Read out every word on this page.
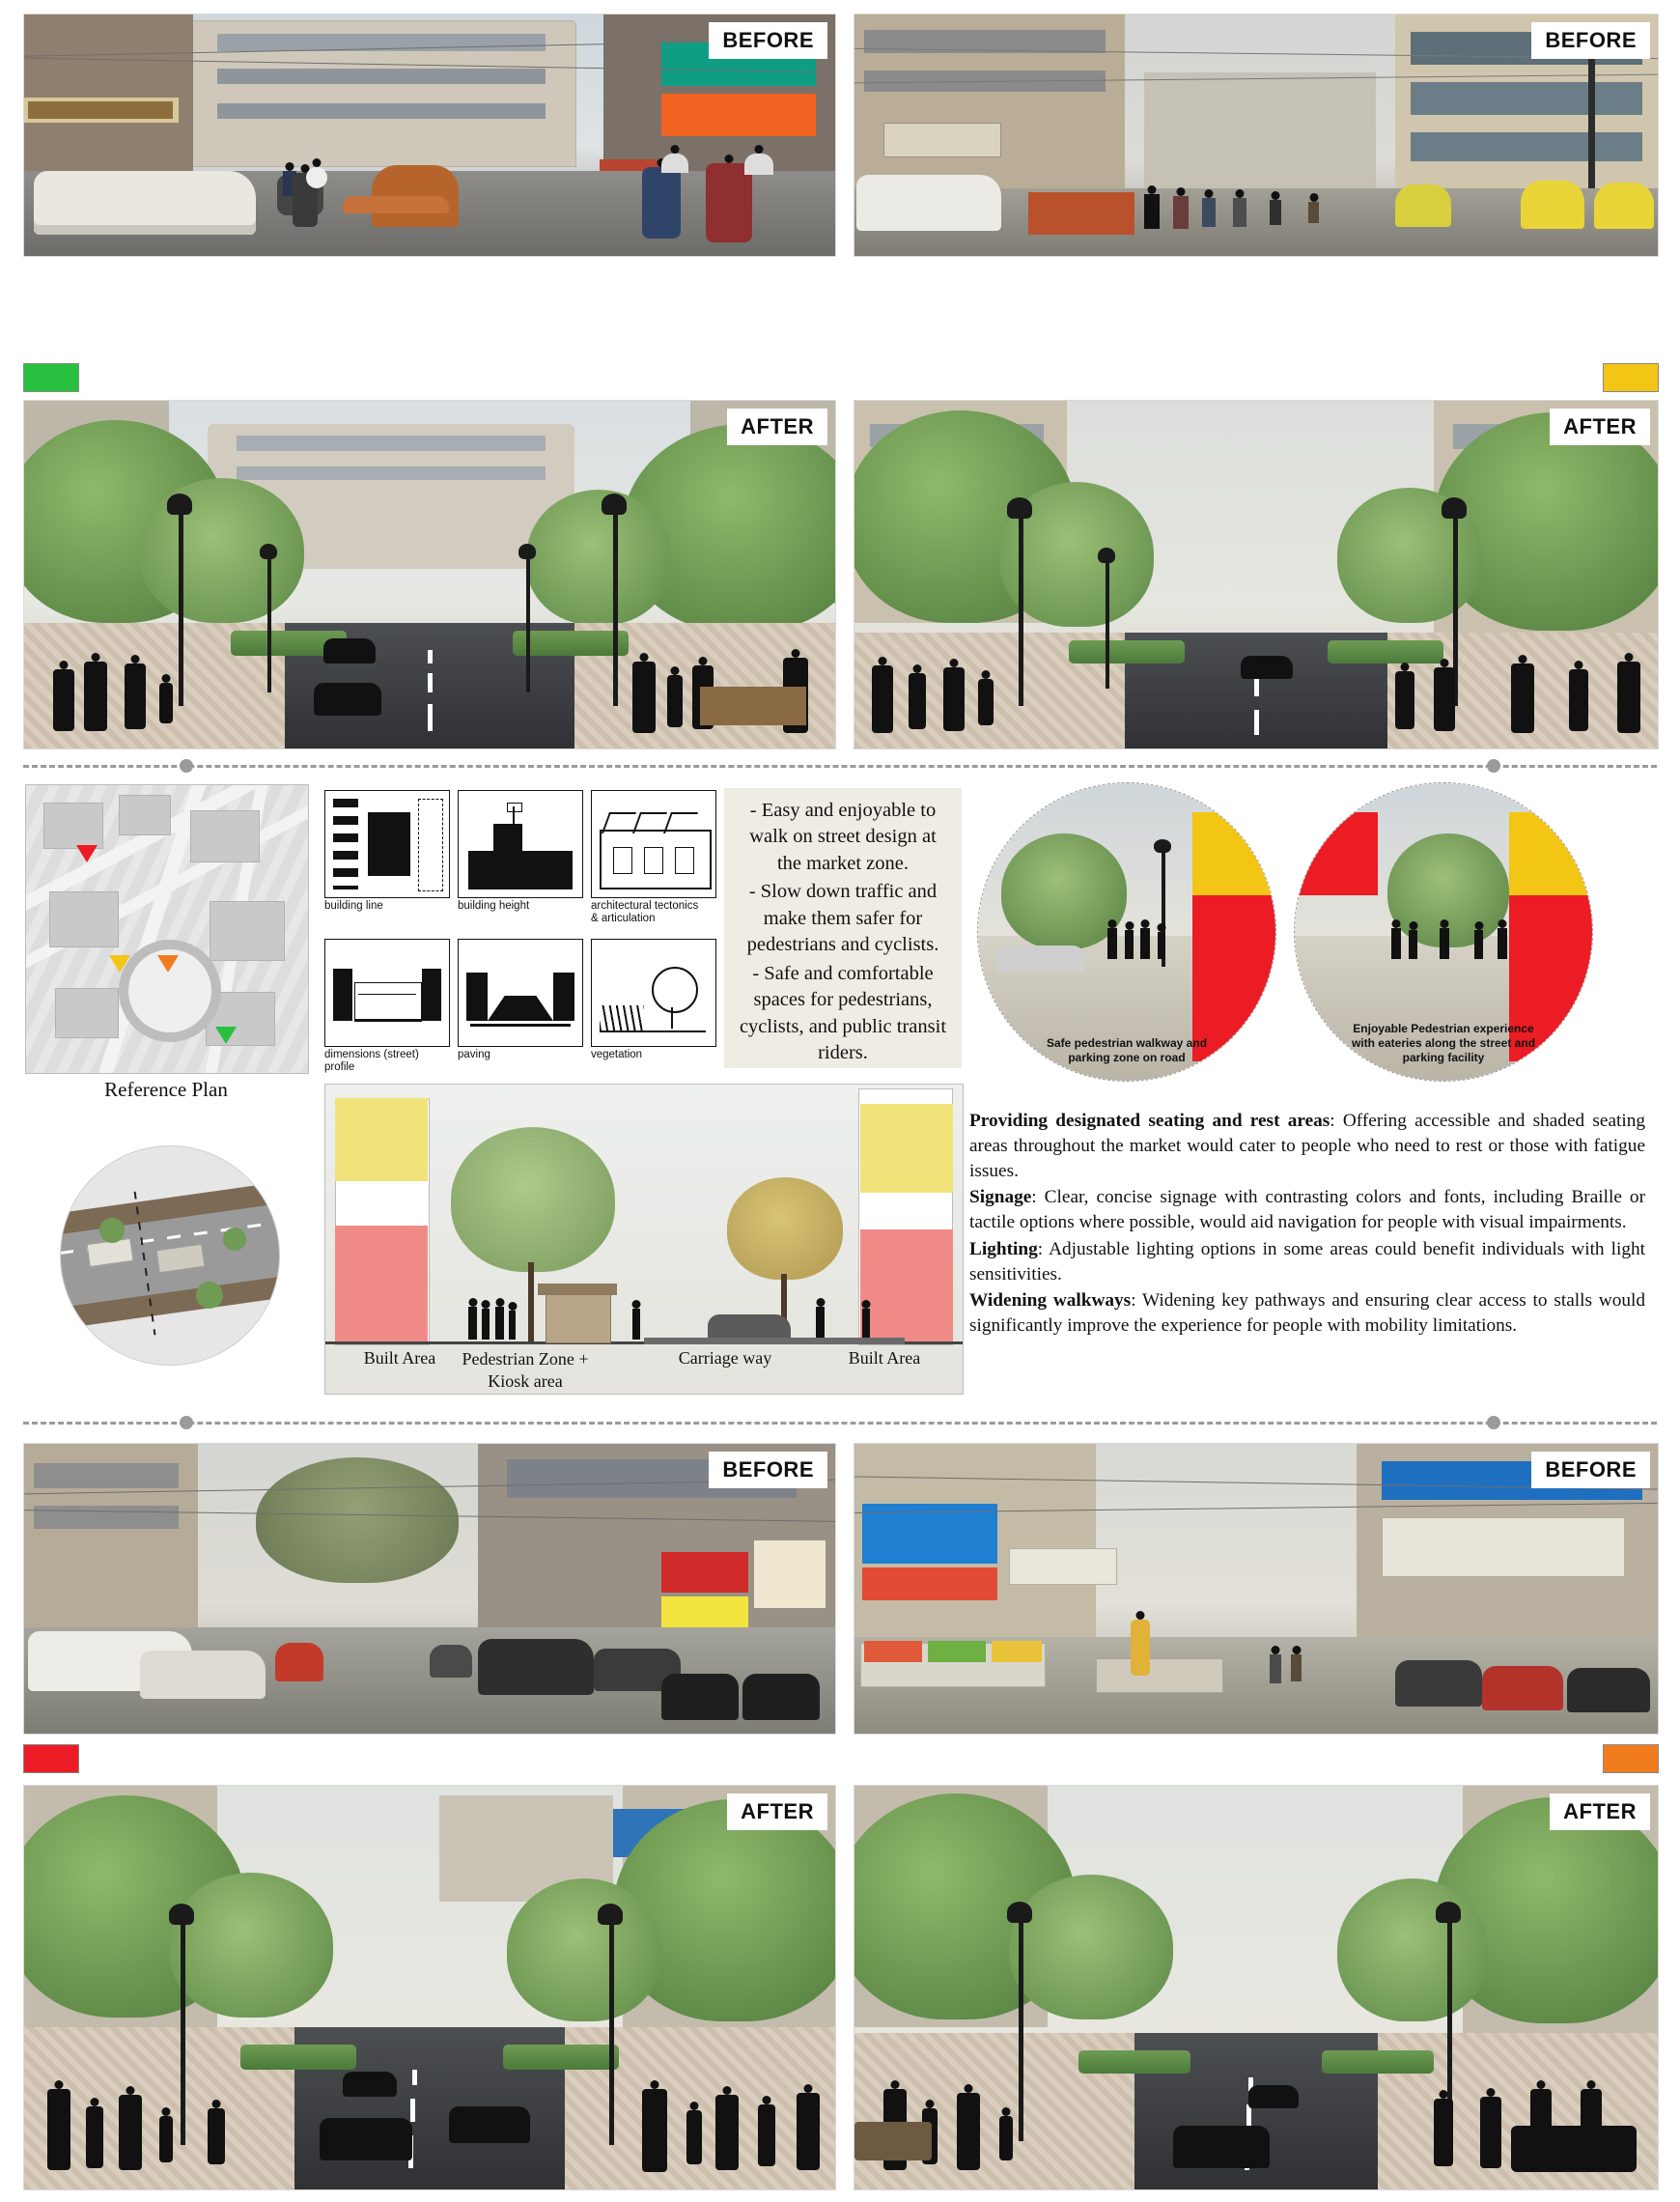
BEFORE	BEFORE
AFTER	AFTER
Reference Plan
building line	building height	architectural tectonics
& articulation
dimensions (street)
profile
paving	vegetation
- Easy and enjoyable to walk on street design at the market zone.
- Slow down traffic and make them safer for pedestrians and cyclists.
- Safe and comfortable spaces for pedestrians, cyclists, and public transit riders.	Safe pedestrian walkway and
parking zone on road
Enjoyable Pedestrian experience
with eateries along the street and
parking facility
Built Area	Pedestrian Zone +
Kiosk area
Carriage way	Built Area

Providing designated seating and rest areas: Offering accessible and shaded seating areas throughout the market would cater to people who need to rest or those with fatigue issues.

Signage: Clear, concise signage with contrasting colors and fonts, including Braille or tactile options where possible, would aid navigation for people with visual impairments.

Lighting: Adjustable lighting options in some areas could benefit individuals with light sensitivities.

Widening walkways: Widening key pathways and ensuring clear access to stalls would significantly improve the experience for people with mobility limitations.

BEFORE	BEFORE
AFTER	AFTER
